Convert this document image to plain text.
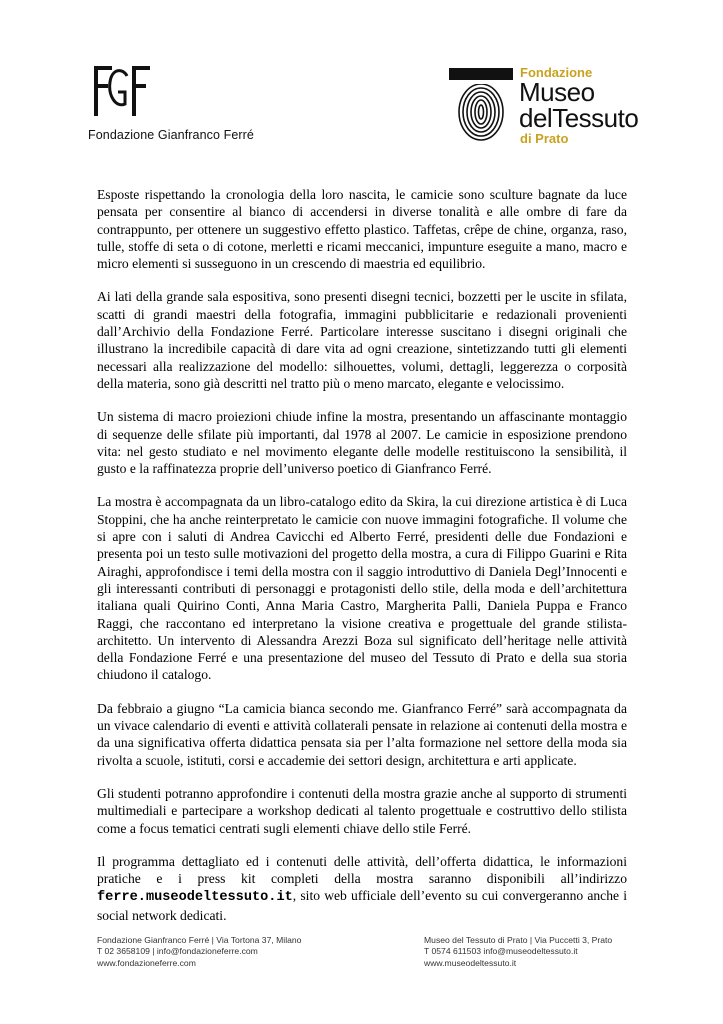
Fondazione Gianfranco Ferré
Fondazione
Museo
delTessuto
di Prato

Esposte rispettando la cronologia della loro nascita, le camicie sono sculture bagnate da luce pensata per consentire al bianco di accendersi in diverse tonalità e alle ombre di fare da contrappunto, per ottenere un suggestivo effetto plastico. Taffetas, crêpe de chine, organza, raso, tulle, stoffe di seta o di cotone, merletti e ricami meccanici, impunture eseguite a mano, macro e micro elementi si susseguono in un crescendo di maestria ed equilibrio.

Ai lati della grande sala espositiva, sono presenti disegni tecnici, bozzetti per le uscite in sfilata, scatti di grandi maestri della fotografia, immagini pubblicitarie e redazionali provenienti dall’Archivio della Fondazione Ferré. Particolare interesse suscitano i disegni originali che illustrano la incredibile capacità di dare vita ad ogni creazione, sintetizzando tutti gli elementi necessari alla realizzazione del modello: silhouettes, volumi, dettagli, leggerezza o corposità della materia, sono già descritti nel tratto più o meno marcato, elegante e velocissimo.

Un sistema di macro proiezioni chiude infine la mostra, presentando un affascinante montaggio di sequenze delle sfilate più importanti, dal 1978 al 2007. Le camicie in esposizione prendono vita: nel gesto studiato e nel movimento elegante delle modelle restituiscono la sensibilità, il gusto e la raffinatezza proprie dell’universo poetico di Gianfranco Ferré.

La mostra è accompagnata da un libro-catalogo edito da Skira, la cui direzione artistica è di Luca Stoppini, che ha anche reinterpretato le camicie con nuove immagini fotografiche. Il volume che si apre con i saluti di Andrea Cavicchi ed Alberto Ferré, presidenti delle due Fondazioni e presenta poi un testo sulle motivazioni del progetto della mostra, a cura di Filippo Guarini e Rita Airaghi, approfondisce i temi della mostra con il saggio introduttivo di Daniela Degl’Innocenti e gli interessanti contributi di personaggi e protagonisti dello stile, della moda e dell’architettura italiana quali Quirino Conti, Anna Maria Castro, Margherita Palli, Daniela Puppa e Franco Raggi, che raccontano ed interpretano la visione creativa e progettuale del grande stilista-architetto. Un intervento di Alessandra Arezzi Boza sul significato dell’heritage nelle attività della Fondazione Ferré e una presentazione del museo del Tessuto di Prato e della sua storia chiudono il catalogo.

Da febbraio a giugno “La camicia bianca secondo me. Gianfranco Ferré” sarà accompagnata da un vivace calendario di eventi e attività collaterali pensate in relazione ai contenuti della mostra e da una significativa offerta didattica pensata sia per l’alta formazione nel settore della moda sia rivolta a scuole, istituti, corsi e accademie dei settori design, architettura e arti applicate.

Gli studenti potranno approfondire i contenuti della mostra grazie anche al supporto di strumenti multimediali e partecipare a workshop dedicati al talento progettuale e costruttivo dello stilista come a focus tematici centrati sugli elementi chiave dello stile Ferré.

Il programma dettagliato ed i contenuti delle attività, dell’offerta didattica, le informazioni pratiche e i press kit completi della mostra saranno disponibili all’indirizzo ferre.museodeltessuto.it, sito web ufficiale dell’evento su cui convergeranno anche i social network dedicati.

Fondazione Gianfranco Ferré | Via Tortona 37, Milano
T 02 3658109 | info@fondazioneferre.com
www.fondazioneferre.com
Museo del Tessuto di Prato | Via Puccetti 3, Prato
T 0574 611503 info@museodeltessuto.it
www.museodeltessuto.it
